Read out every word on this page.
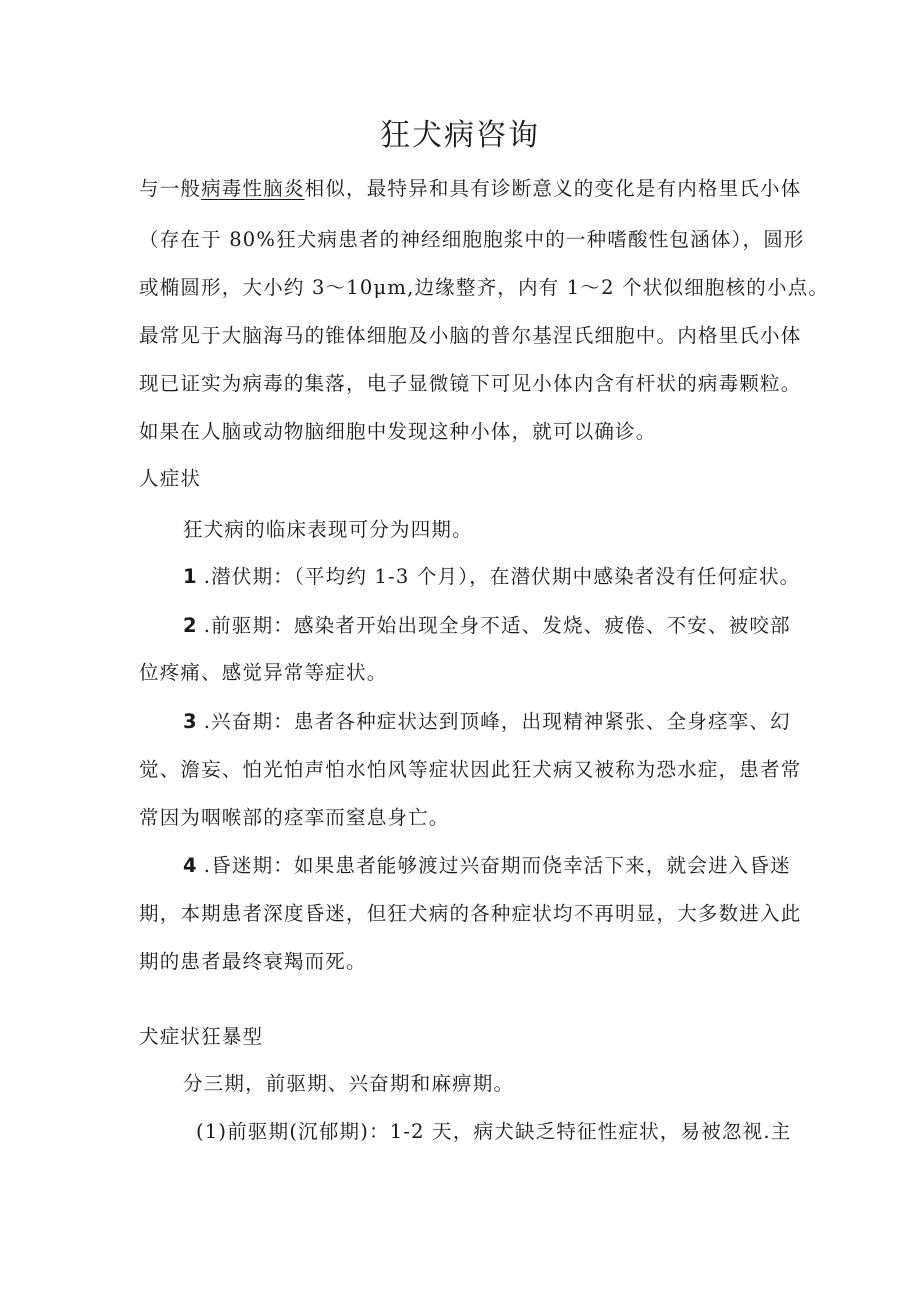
狂犬病咨询
与一般病毒性脑炎相似，最特异和具有诊断意义的变化是有内格里氏小体
（存在于 80%狂犬病患者的神经细胞胞浆中的一种嗜酸性包涵体），圆形
或椭圆形，大小约 3～10μm,边缘整齐，内有 1～2 个状似细胞核的小点。
最常见于大脑海马的锥体细胞及小脑的普尔基涅氏细胞中。内格里氏小体
现已证实为病毒的集落，电子显微镜下可见小体内含有杆状的病毒颗粒。
如果在人脑或动物脑细胞中发现这种小体，就可以确诊。
人症状
狂犬病的临床表现可分为四期。
1 .潜伏期：（平均约 1-3 个月），在潜伏期中感染者没有任何症状。
2 .前驱期：感染者开始出现全身不适、发烧、疲倦、不安、被咬部
位疼痛、感觉异常等症状。
3 .兴奋期：患者各种症状达到顶峰，出现精神紧张、全身痉挛、幻
觉、澹妄、怕光怕声怕水怕风等症状因此狂犬病又被称为恐水症，患者常
常因为咽喉部的痉挛而窒息身亡。
4 .昏迷期：如果患者能够渡过兴奋期而侥幸活下来，就会进入昏迷
期，本期患者深度昏迷，但狂犬病的各种症状均不再明显，大多数进入此
期的患者最终衰羯而死。
犬症状狂暴型
分三期，前驱期、兴奋期和麻痹期。
(1)前驱期(沉郁期)：1-2 天，病犬缺乏特征性症状，易被忽视.主
